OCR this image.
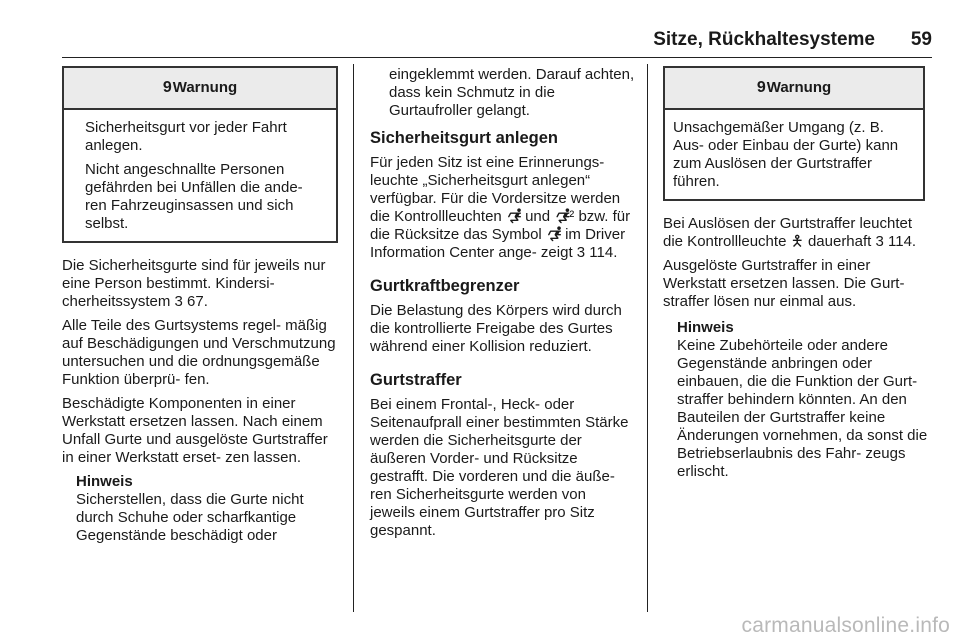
Sitze, Rückhaltesysteme	59
9Warnung

Sicherheitsgurt vor jeder Fahrt anlegen.

Nicht angeschnallte Personen gefährden bei Unfällen die ande- ren Fahrzeuginsassen und sich selbst.

Die Sicherheitsgurte sind für jeweils nur eine Person bestimmt. Kindersi- cherheitssystem 3 67.

Alle Teile des Gurtsystems regel- mäßig auf Beschädigungen und Verschmutzung untersuchen und die ordnungsgemäße Funktion überprü- fen.

Beschädigte Komponenten in einer Werkstatt ersetzen lassen. Nach einem Unfall Gurte und ausgelöste Gurtstraffer in einer Werkstatt erset- zen lassen.

Hinweis
Sicherstellen, dass die Gurte nicht durch Schuhe oder scharfkantige Gegenstände beschädigt oder
eingeklemmt werden. Darauf achten, dass kein Schmutz in die Gurtaufroller gelangt.
Sicherheitsgurt anlegen

Für jeden Sitz ist eine Erinnerungs- leuchte „Sicherheitsgurt anlegen“ verfügbar. Für die Vordersitze werden die Kontrollleuchten 🮲 und 🮲² bzw. für die Rücksitze das Symbol 🮲 im Driver Information Center ange- zeigt 3 114.

Gurtkraftbegrenzer

Die Belastung des Körpers wird durch die kontrollierte Freigabe des Gurtes während einer Kollision reduziert.

Gurtstraffer

Bei einem Frontal-, Heck- oder Seitenaufprall einer bestimmten Stärke werden die Sicherheitsgurte der äußeren Vorder- und Rücksitze gestrafft. Die vorderen und die äuße- ren Sicherheitsgurte werden von jeweils einem Gurtstraffer pro Sitz gespannt.

9Warnung

Unsachgemäßer Umgang (z. B. Aus- oder Einbau der Gurte) kann zum Auslösen der Gurtstraffer führen.

Bei Auslösen der Gurtstraffer leuchtet die Kontrollleuchte 🯅 dauerhaft 3 114.

Ausgelöste Gurtstraffer in einer Werkstatt ersetzen lassen. Die Gurt- straffer lösen nur einmal aus.

Hinweis
Keine Zubehörteile oder andere Gegenstände anbringen oder einbauen, die die Funktion der Gurt- straffer behindern könnten. An den Bauteilen der Gurtstraffer keine Änderungen vornehmen, da sonst die Betriebserlaubnis des Fahr- zeugs erlischt.
carmanualsonline.info
